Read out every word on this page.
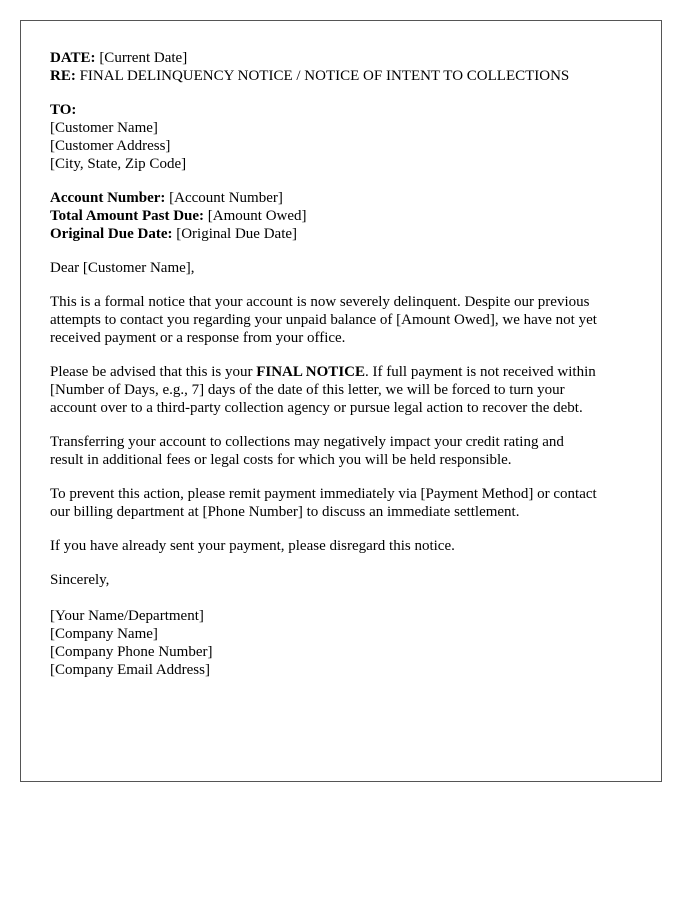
DATE: [Current Date]
RE: FINAL DELINQUENCY NOTICE / NOTICE OF INTENT TO COLLECTIONS
TO:
[Customer Name]
[Customer Address]
[City, State, Zip Code]
Account Number: [Account Number]
Total Amount Past Due: [Amount Owed]
Original Due Date: [Original Due Date]
Dear [Customer Name],
This is a formal notice that your account is now severely delinquent. Despite our previous
attempts to contact you regarding your unpaid balance of [Amount Owed], we have not yet
received payment or a response from your office.
Please be advised that this is your FINAL NOTICE. If full payment is not received within
[Number of Days, e.g., 7] days of the date of this letter, we will be forced to turn your
account over to a third-party collection agency or pursue legal action to recover the debt.
Transferring your account to collections may negatively impact your credit rating and
result in additional fees or legal costs for which you will be held responsible.
To prevent this action, please remit payment immediately via [Payment Method] or contact
our billing department at [Phone Number] to discuss an immediate settlement.
If you have already sent your payment, please disregard this notice.
Sincerely,
[Your Name/Department]
[Company Name]
[Company Phone Number]
[Company Email Address]
